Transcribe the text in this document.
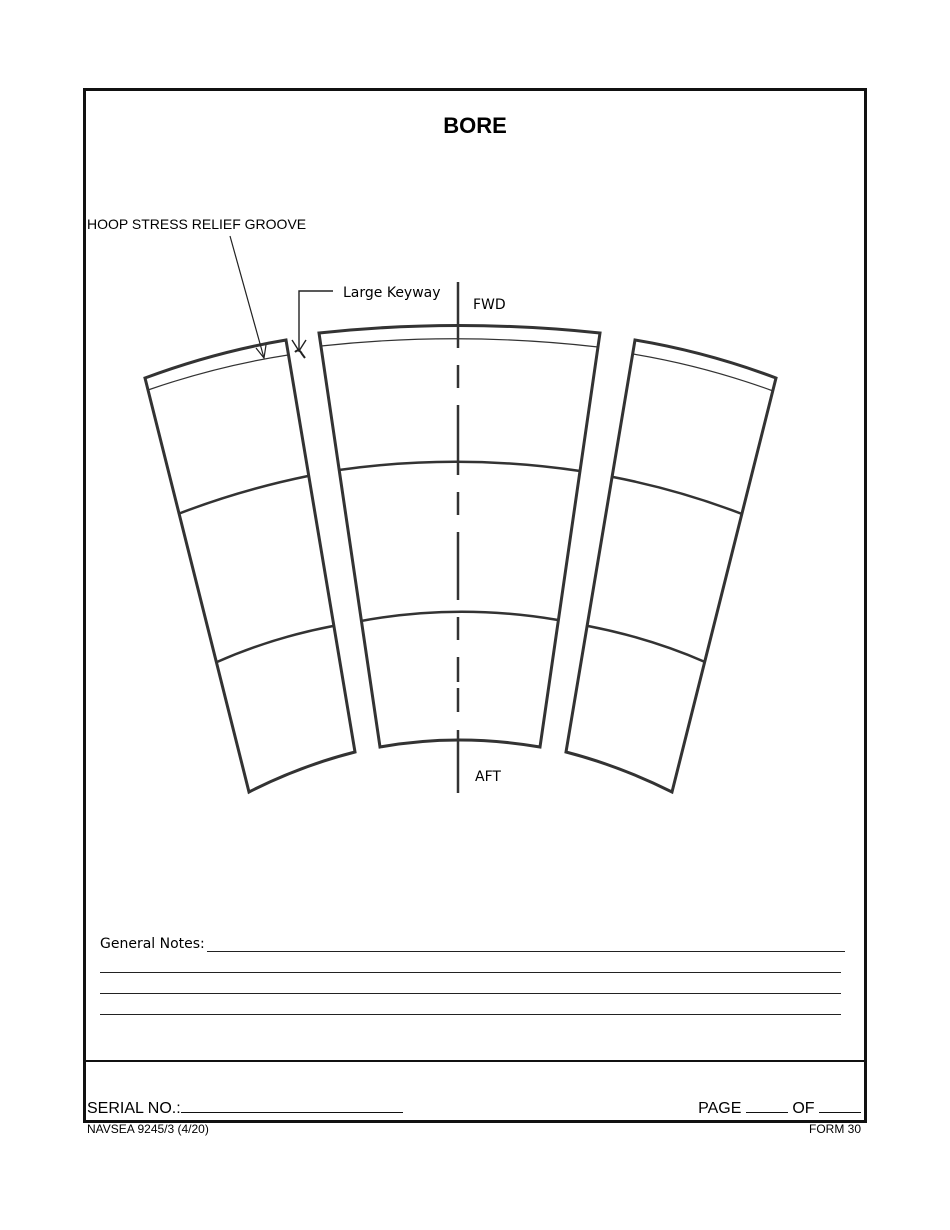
BORE
HOOP STRESS RELIEF GROOVE
Large Keyway
FWD
AFT
General Notes:
SERIAL NO.:	PAGE	OF
NAVSEA 9245/3 (4/20)	FORM 30
